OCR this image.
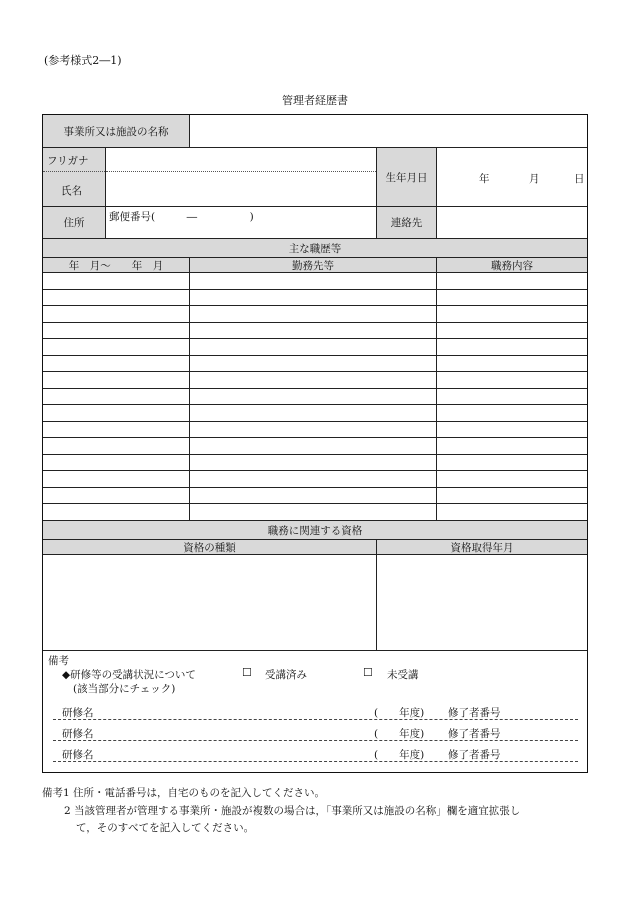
(参考様式2―1)
管理者経歴書
事業所又は施設の名称
フリガナ
氏名
生年月日	年	月	日
住所	郵便番号(　　　―　　　　　)	連絡先
主な職歴等
年　月～　　年　月	勤務先等	職務内容
職務に関連する資格
資格の種類	資格取得年月
備考
◆研修等の受講状況について	☐ 受講済み	☐ 未受講
(該当部分にチェック)
研修名	(　　年度) 修了者番号
研修名	(　　年度) 修了者番号
研修名	(　　年度) 修了者番号
備考1 住所・電話番号は，自宅のものを記入してください。
2 当該管理者が管理する事業所・施設が複数の場合は，「事業所又は施設の名称」欄を適宜拡張し
て，そのすべてを記入してください。
